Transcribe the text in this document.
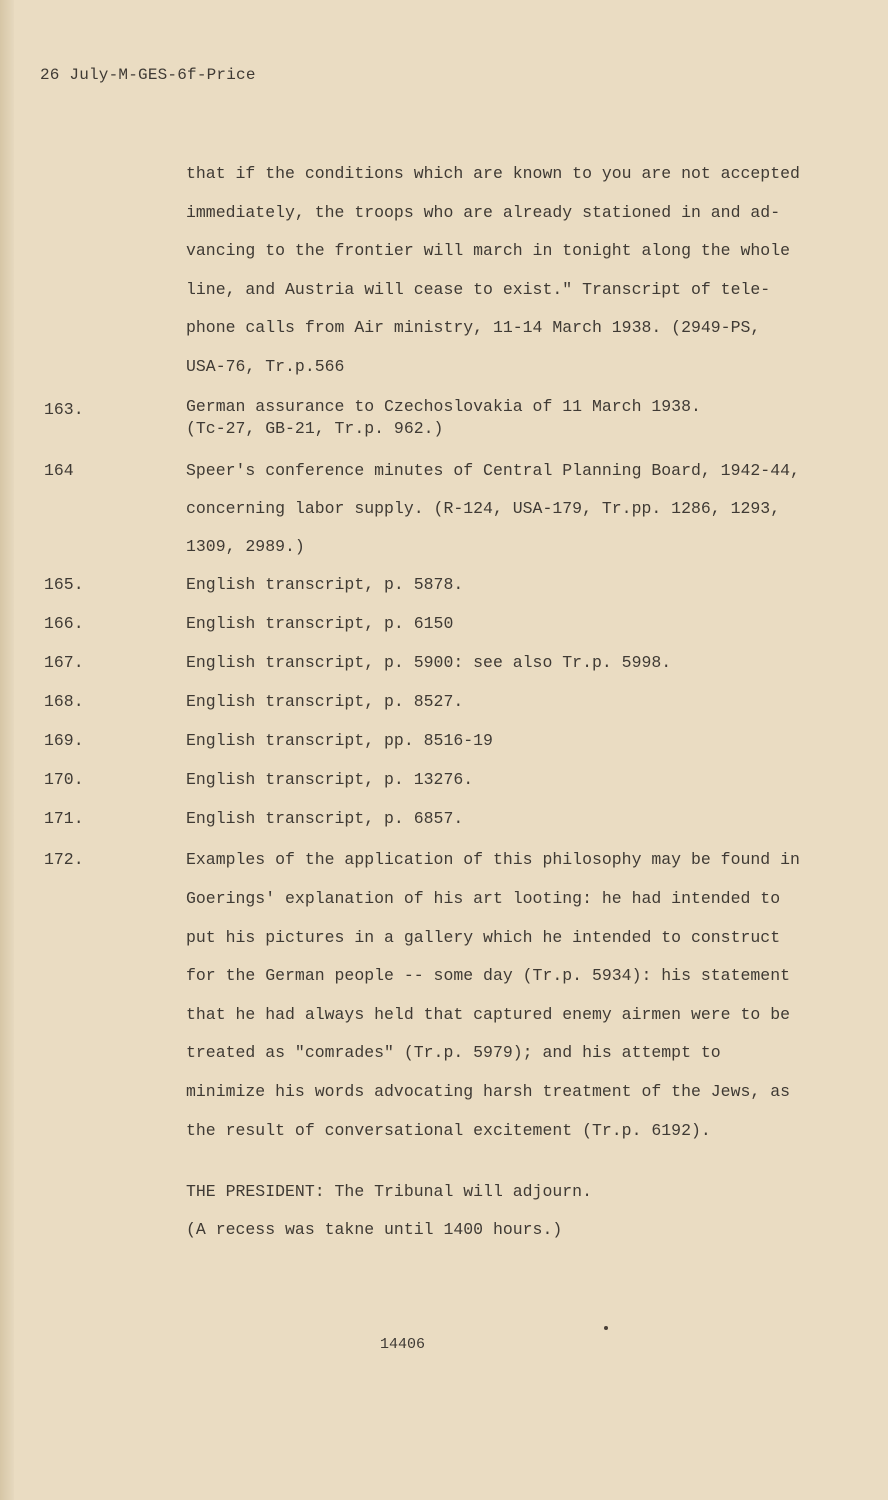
26 July-M-GES-6f-Price
that if the conditions which are known to you are not accepted
immediately, the troops who are already stationed in and ad-
vancing to the frontier will march in tonight along the whole
line, and Austria will cease to exist." Transcript of tele-
phone calls from Air ministry, 11-14 March 1938. (2949-PS,
USA-76, Tr.p.566
163.	German assurance to Czechoslovakia of 11 March 1938.
(Tc-27, GB-21, Tr.p. 962.)
164	Speer's conference minutes of Central Planning Board, 1942-44,
concerning labor supply. (R-124, USA-179, Tr.pp. 1286, 1293,
1309, 2989.)
165.	English transcript, p. 5878.
166.	English transcript, p. 6150
167.	English transcript, p. 5900: see also Tr.p. 5998.
168.	English transcript, p. 8527.
169.	English transcript, pp. 8516-19
170.	English transcript, p. 13276.
171.	English transcript, p. 6857.
172.	Examples of the application of this philosophy may be found in
Goerings' explanation of his art looting: he had intended to
put his pictures in a gallery which he intended to construct
for the German people -- some day (Tr.p. 5934): his statement
that he had always held that captured enemy airmen were to be
treated as "comrades" (Tr.p. 5979); and his attempt to
minimize his words advocating harsh treatment of the Jews, as
the result of conversational excitement (Tr.p. 6192).
THE PRESIDENT: The Tribunal will adjourn.
(A recess was takne until 1400 hours.)
14406
